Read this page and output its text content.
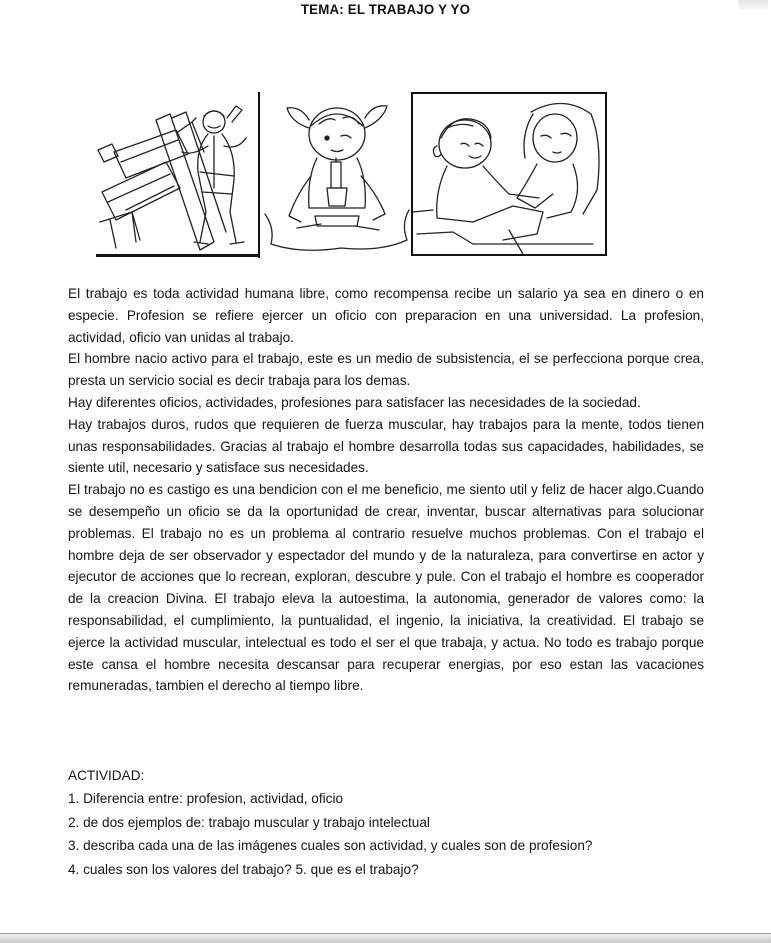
TEMA: EL TRABAJO Y YO

El trabajo es toda actividad humana libre, como recompensa recibe un salario ya sea en dinero o en especie. Profesion se refiere ejercer un oficio con preparacion en una universidad. La profesion, actividad, oficio van unidas al trabajo.

El hombre nacio activo para el trabajo, este es un medio de subsistencia, el se perfecciona porque crea, presta un servicio social es decir trabaja para los demas.

Hay diferentes oficios, actividades, profesiones para satisfacer las necesidades de la sociedad.

Hay trabajos duros, rudos que requieren de fuerza muscular, hay trabajos para la mente, todos tienen unas responsabilidades. Gracias al trabajo el hombre desarrolla todas sus capacidades, habilidades, se siente util, necesario y satisface sus necesidades.

El trabajo no es castigo es una bendicion con el me beneficio, me siento util y feliz de hacer algo.Cuando se desempeño un oficio se da la oportunidad de crear, inventar, buscar alternativas para solucionar problemas. El trabajo no es un problema al contrario resuelve muchos problemas. Con el trabajo el hombre deja de ser observador y espectador del mundo y de la naturaleza, para convertirse en actor y ejecutor de acciones que lo recrean, exploran, descubre y pule. Con el trabajo el hombre es cooperador de la creacion Divina. El trabajo eleva la autoestima, la autonomia, generador de valores como: la responsabilidad, el cumplimiento, la puntualidad, el ingenio, la iniciativa, la creatividad. El trabajo se ejerce la actividad muscular, intelectual es todo el ser el que trabaja, y actua. No todo es trabajo porque este cansa el hombre necesita descansar para recuperar energias, por eso estan las vacaciones remuneradas, tambien el derecho al tiempo libre.

ACTIVIDAD:
1. Diferencia entre: profesion, actividad, oficio
2. de dos ejemplos de: trabajo muscular y trabajo intelectual
3. describa cada una de las imágenes cuales son actividad, y cuales son de profesion?
4. cuales son los valores del trabajo? 5. que es el trabajo?
